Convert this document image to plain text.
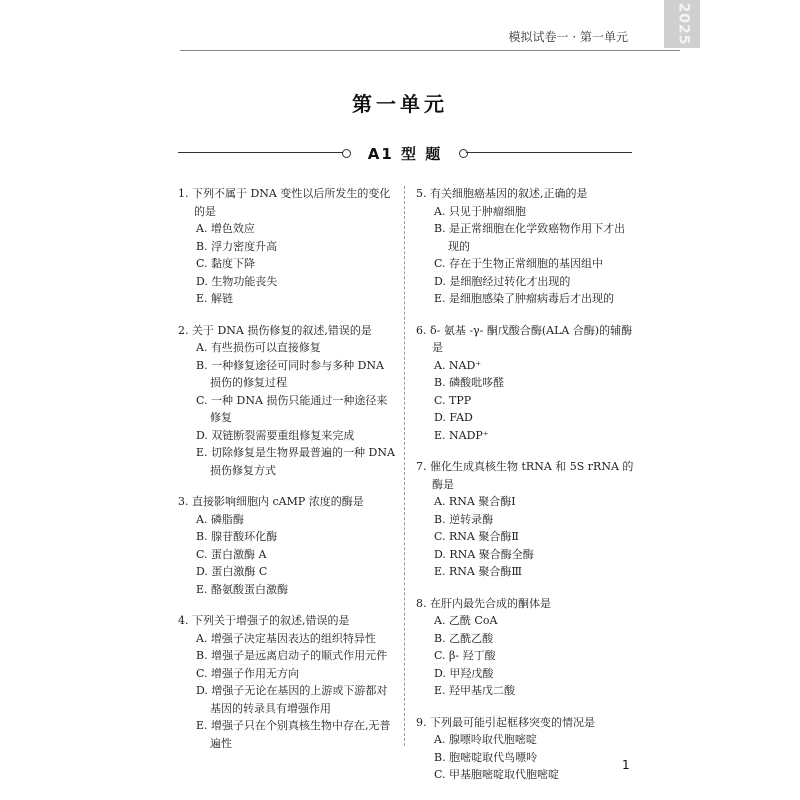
模拟试卷一 · 第一单元	2025
第一单元
A1 型 题
1. 下列不属于 DNA 变性以后所发生的变化的是
A. 增色效应
B. 浮力密度升高
C. 黏度下降
D. 生物功能丧失
E. 解链
2. 关于 DNA 损伤修复的叙述,错误的是
A. 有些损伤可以直接修复
B. 一种修复途径可同时参与多种 DNA 损伤的修复过程
C. 一种 DNA 损伤只能通过一种途径来修复
D. 双链断裂需要重组修复来完成
E. 切除修复是生物界最普遍的一种 DNA 损伤修复方式
3. 直接影响细胞内 cAMP 浓度的酶是
A. 磷脂酶
B. 腺苷酸环化酶
C. 蛋白激酶 A
D. 蛋白激酶 C
E. 酪氨酸蛋白激酶
4. 下列关于增强子的叙述,错误的是
A. 增强子决定基因表达的组织特异性
B. 增强子是远离启动子的顺式作用元件
C. 增强子作用无方向
D. 增强子无论在基因的上游或下游都对基因的转录具有增强作用
E. 增强子只在个别真核生物中存在,无普遍性
5. 有关细胞癌基因的叙述,正确的是
A. 只见于肿瘤细胞
B. 是正常细胞在化学致癌物作用下才出现的
C. 存在于生物正常细胞的基因组中
D. 是细胞经过转化才出现的
E. 是细胞感染了肿瘤病毒后才出现的
6. δ- 氨基 -γ- 酮戊酸合酶(ALA 合酶)的辅酶是
A. NAD⁺
B. 磷酸吡哆醛
C. TPP
D. FAD
E. NADP⁺
7. 催化生成真核生物 tRNA 和 5S rRNA 的酶是
A. RNA 聚合酶Ⅰ
B. 逆转录酶
C. RNA 聚合酶Ⅱ
D. RNA 聚合酶全酶
E. RNA 聚合酶Ⅲ
8. 在肝内最先合成的酮体是
A. 乙酰 CoA
B. 乙酰乙酸
C. β- 羟丁酸
D. 甲羟戊酸
E. 羟甲基戊二酸
9. 下列最可能引起框移突变的情况是
A. 腺嘌呤取代胞嘧啶
B. 胞嘧啶取代鸟嘌呤
C. 甲基胞嘧啶取代胞嘧啶
1
